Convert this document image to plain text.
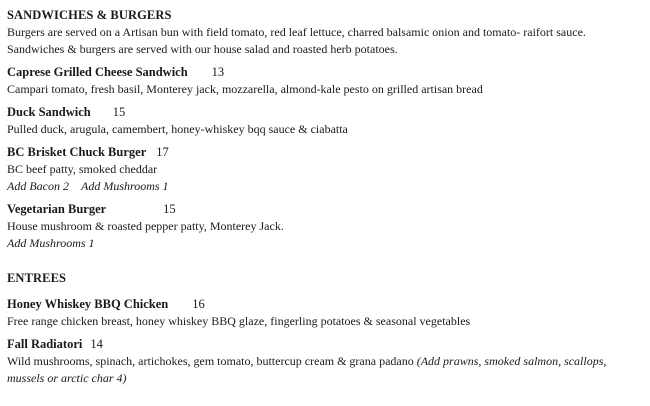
SANDWICHES & BURGERS
Burgers are served on a Artisan bun with field tomato, red leaf lettuce, charred balsamic onion and tomato- raifort sauce.
Sandwiches & burgers are served with our house salad and roasted herb potatoes.
Caprese Grilled Cheese Sandwich 13
Campari tomato, fresh basil, Monterey jack, mozzarella, almond-kale pesto on grilled artisan bread
Duck Sandwich 15
Pulled duck, arugula, camembert, honey-whiskey bqq sauce & ciabatta
BC Brisket Chuck Burger 17
BC beef patty, smoked cheddar
Add Bacon 2 Add Mushrooms 1
Vegetarian Burger	15
House mushroom & roasted pepper patty, Monterey Jack.
Add Mushrooms 1
ENTREES
Honey Whiskey BBQ Chicken 16
Free range chicken breast, honey whiskey BBQ glaze, fingerling potatoes & seasonal vegetables
Fall Radiatori 14
Wild mushrooms, spinach, artichokes, gem tomato, buttercup cream & grana padano (Add prawns, smoked salmon, scallops, mussels or arctic char 4)
